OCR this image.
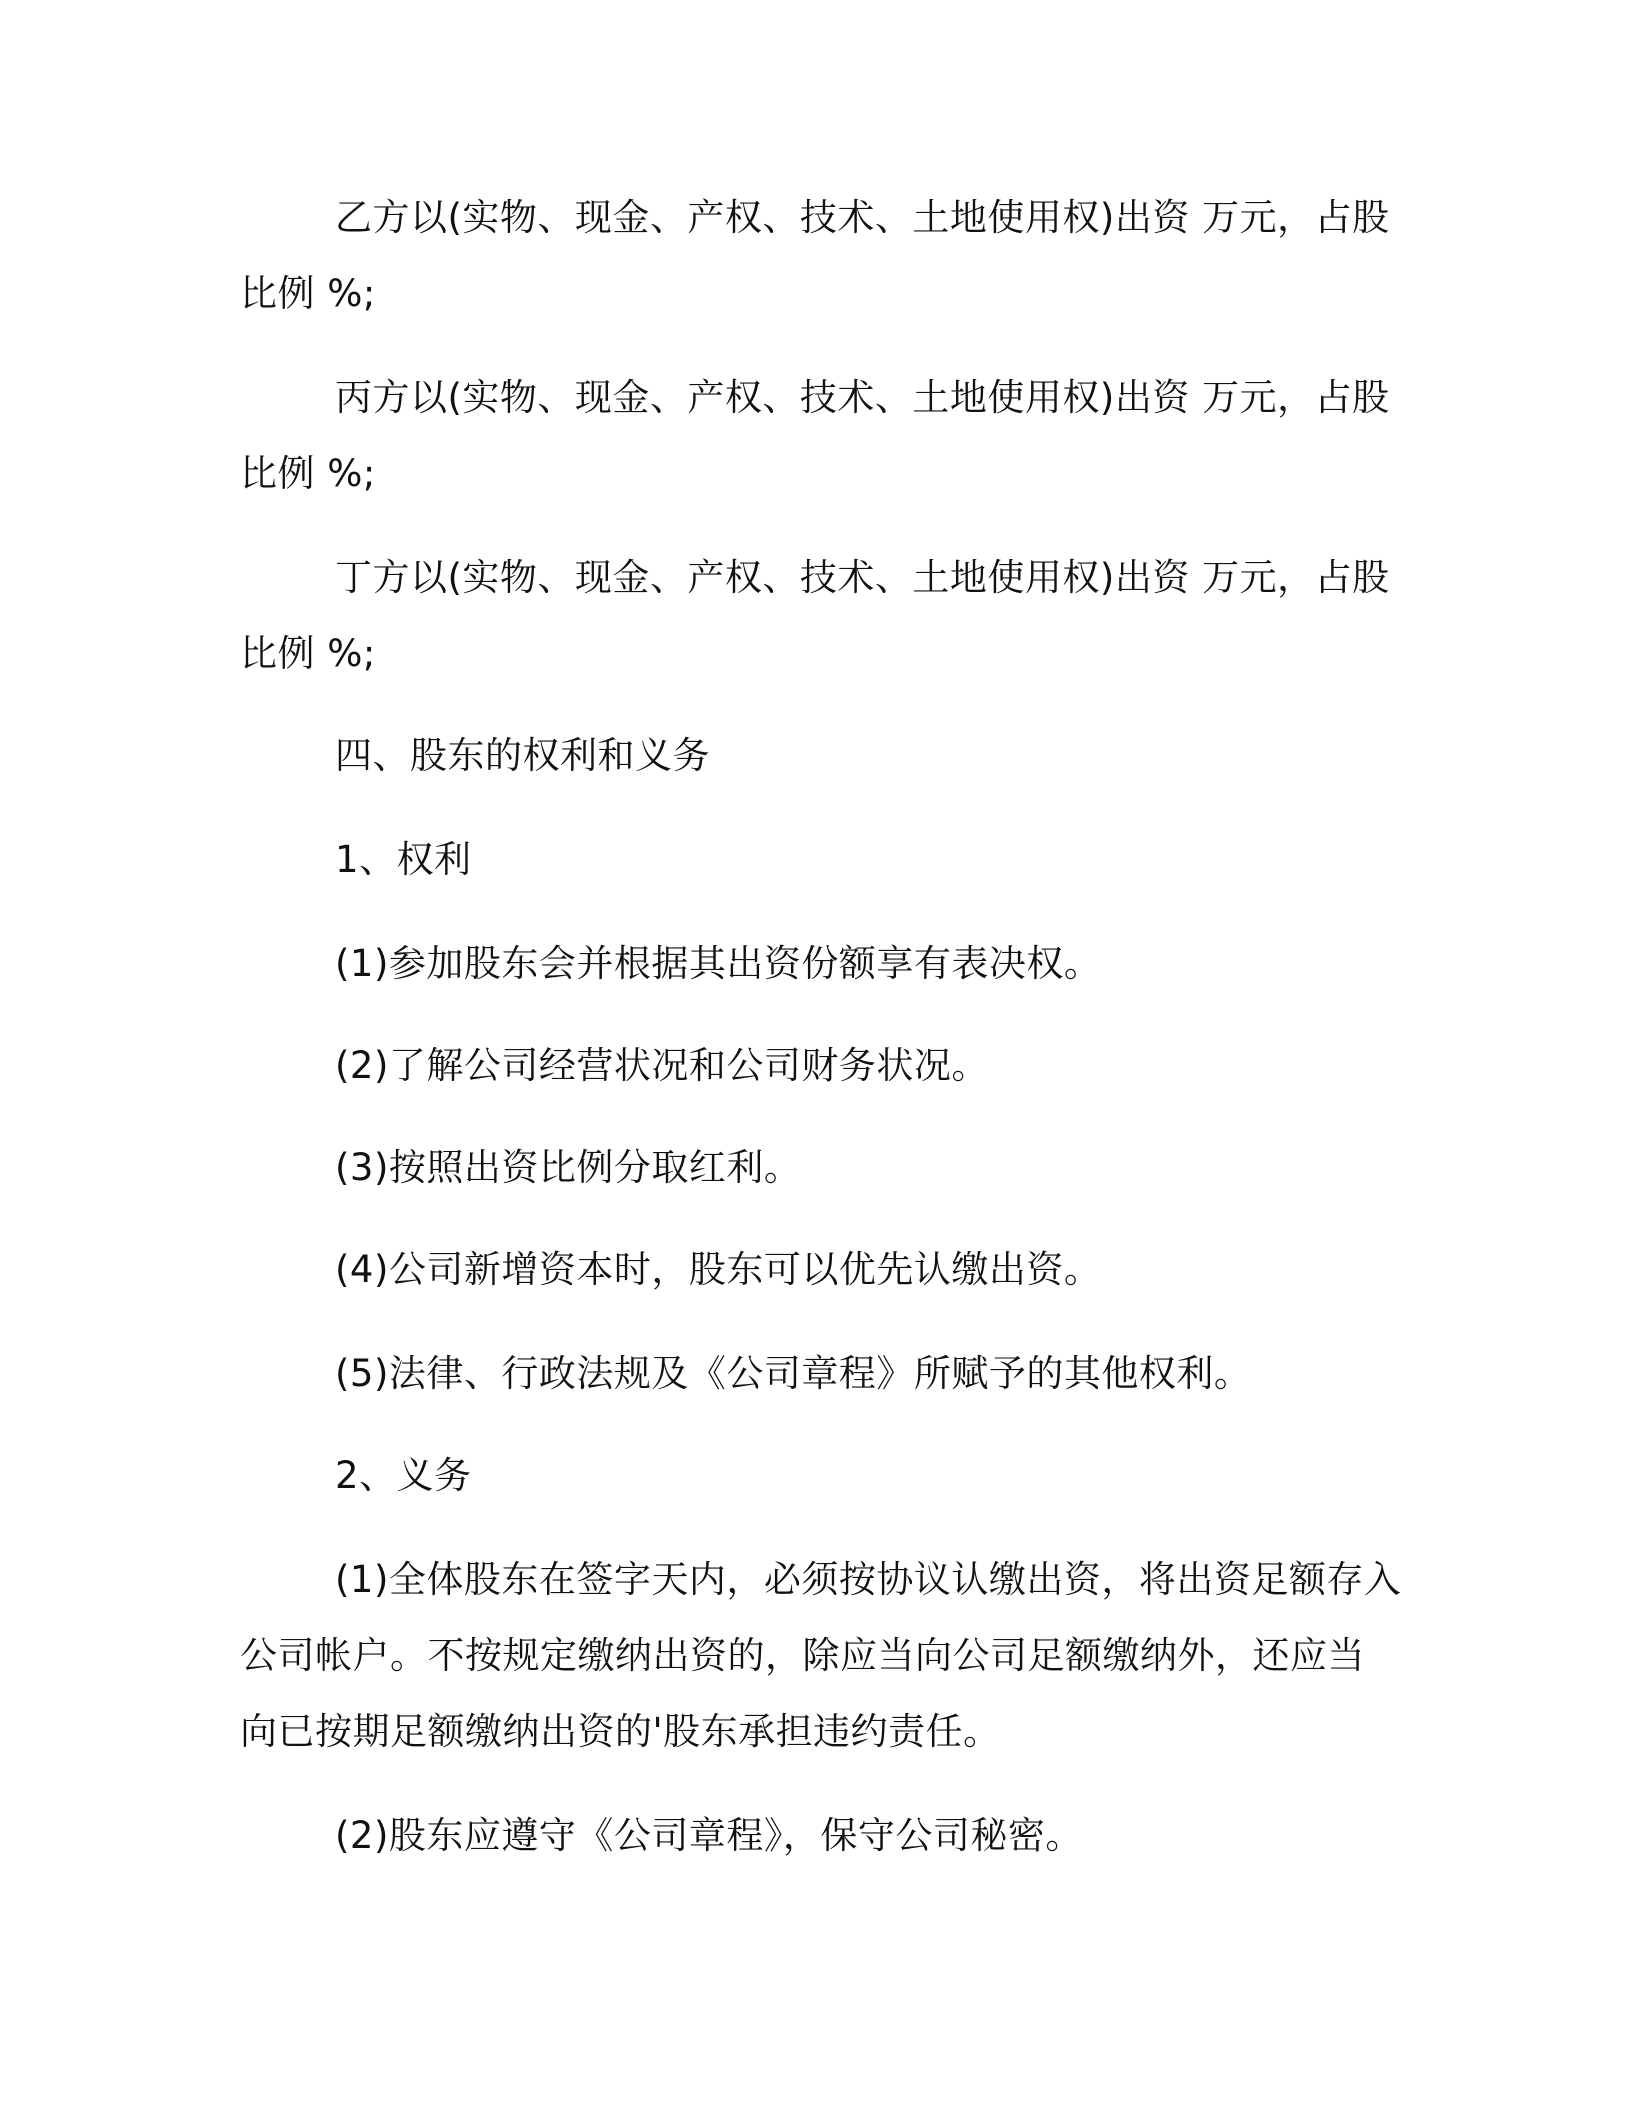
乙方以(实物、现金、产权、技术、土地使用权)出资 万元，占股
比例 %;
丙方以(实物、现金、产权、技术、土地使用权)出资 万元，占股
比例 %;
丁方以(实物、现金、产权、技术、土地使用权)出资 万元，占股
比例 %;
四、股东的权利和义务
1、权利
(1)参加股东会并根据其出资份额享有表决权。
(2)了解公司经营状况和公司财务状况。
(3)按照出资比例分取红利。
(4)公司新增资本时，股东可以优先认缴出资。
(5)法律、行政法规及《公司章程》所赋予的其他权利。
2、义务
(1)全体股东在签字天内，必须按协议认缴出资，将出资足额存入
公司帐户。不按规定缴纳出资的，除应当向公司足额缴纳外，还应当
向已按期足额缴纳出资的'股东承担违约责任。
(2)股东应遵守《公司章程》，保守公司秘密。
